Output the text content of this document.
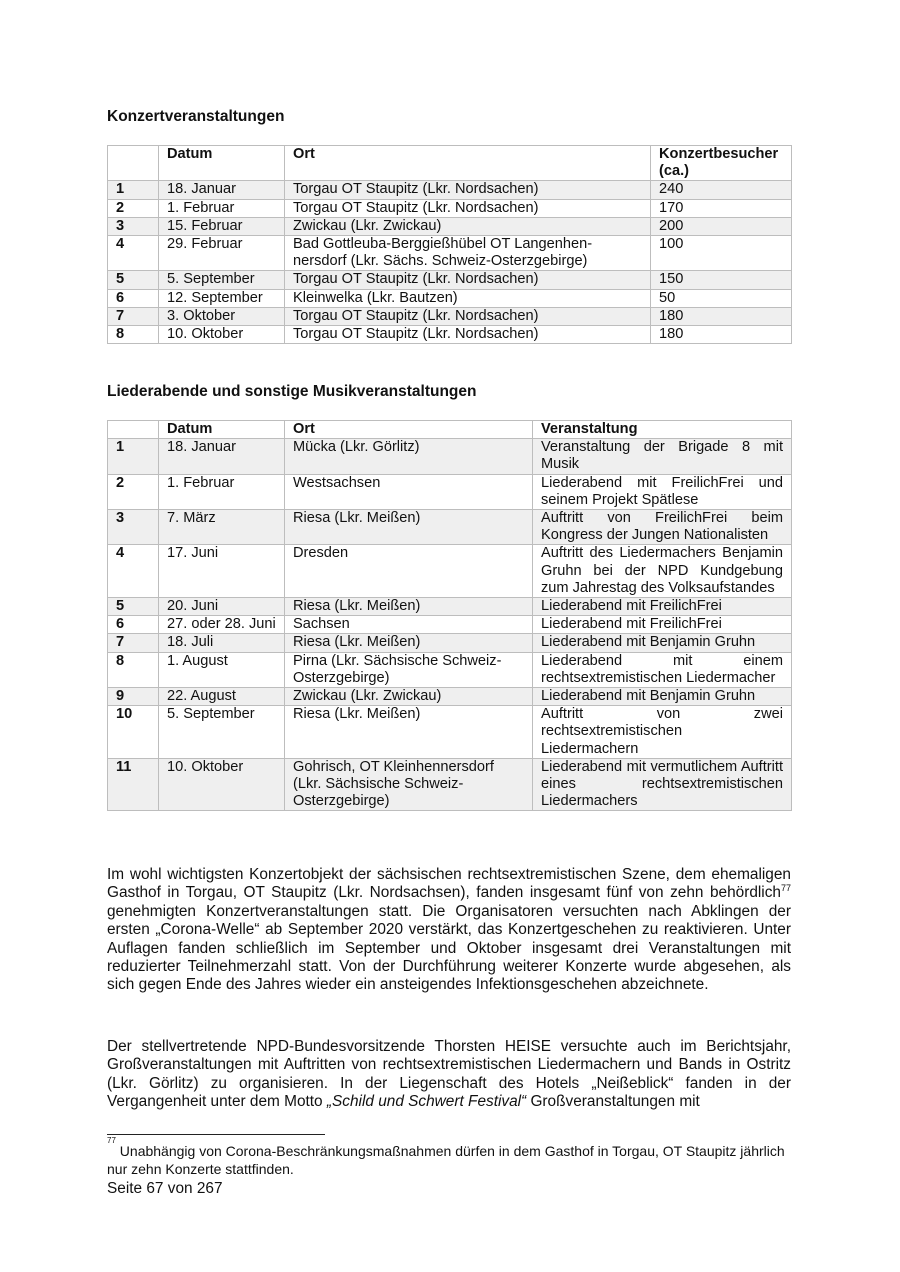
Konzertveranstaltungen
	Datum	Ort	Konzertbesucher (ca.)
1	18. Januar	Torgau OT Staupitz (Lkr. Nordsachen)	240
2	1. Februar	Torgau OT Staupitz (Lkr. Nordsachen)	170
3	15. Februar	Zwickau (Lkr. Zwickau)	200
4	29. Februar	Bad Gottleuba-Berggießhübel OT Langenhen-nersdorf (Lkr. Sächs. Schweiz-Osterzgebirge)	100
5	5. September	Torgau OT Staupitz (Lkr. Nordsachen)	150
6	12. September	Kleinwelka (Lkr. Bautzen)	50
7	3. Oktober	Torgau OT Staupitz (Lkr. Nordsachen)	180
8	10. Oktober	Torgau OT Staupitz (Lkr. Nordsachen)	180
Liederabende und sonstige Musikveranstaltungen
	Datum	Ort	Veranstaltung
1	18. Januar	Mücka (Lkr. Görlitz)	Veranstaltung der Brigade 8 mit Musik
2	1. Februar	Westsachsen	Liederabend mit FreilichFrei und seinem Projekt Spätlese
3	7. März	Riesa (Lkr. Meißen)	Auftritt von FreilichFrei beim Kongress der Jungen Nationalisten
4	17. Juni	Dresden	Auftritt des Liedermachers Benjamin Gruhn bei der NPD Kundgebung zum Jahrestag des Volksaufstandes
5	20. Juni	Riesa (Lkr. Meißen)	Liederabend mit FreilichFrei
6	27. oder 28. Juni	Sachsen	Liederabend mit FreilichFrei
7	18. Juli	Riesa (Lkr. Meißen)	Liederabend mit Benjamin Gruhn
8	1. August	Pirna (Lkr. Sächsische Schweiz-Osterzgebirge)	Liederabend mit einem rechtsextremistischen Liedermacher
9	22. August	Zwickau (Lkr. Zwickau)	Liederabend mit Benjamin Gruhn
10	5. September	Riesa (Lkr. Meißen)	Auftritt von zwei rechtsextremistischen Liedermachern
11	10. Oktober	Gohrisch, OT Kleinhennersdorf (Lkr. Sächsische Schweiz-Osterzgebirge)	Liederabend mit vermutlichem Auftritt eines rechtsextremistischen Liedermachers

Im wohl wichtigsten Konzertobjekt der sächsischen rechtsextremistischen Szene, dem ehemaligen Gasthof in Torgau, OT Staupitz (Lkr. Nordsachsen), fanden insgesamt fünf von zehn behördlich$^{77}$ genehmigten Konzertveranstaltungen statt. Die Organisatoren versuchten nach Abklingen der ersten „Corona-Welle“ ab September 2020 verstärkt, das Konzertgeschehen zu reaktivieren. Unter Auflagen fanden schließlich im September und Oktober insgesamt drei Veranstaltungen mit reduzierter Teilnehmerzahl statt. Von der Durchführung weiterer Konzerte wurde abgesehen, als sich gegen Ende des Jahres wieder ein ansteigendes Infektionsgeschehen abzeichnete.

Der stellvertretende NPD-Bundesvorsitzende Thorsten HEISE versuchte auch im Berichtsjahr, Großveranstaltungen mit Auftritten von rechtsextremistischen Liedermachern und Bands in Ostritz (Lkr. Görlitz) zu organisieren. In der Liegenschaft des Hotels „Neißeblick“ fanden in der Vergangenheit unter dem Motto „Schild und Schwert Festival“ Großveranstaltungen mit

$^{77}$ Unabhängig von Corona-Beschränkungsmaßnahmen dürfen in dem Gasthof in Torgau, OT Staupitz jährlich nur zehn Konzerte stattfinden.

Seite 67 von 267
